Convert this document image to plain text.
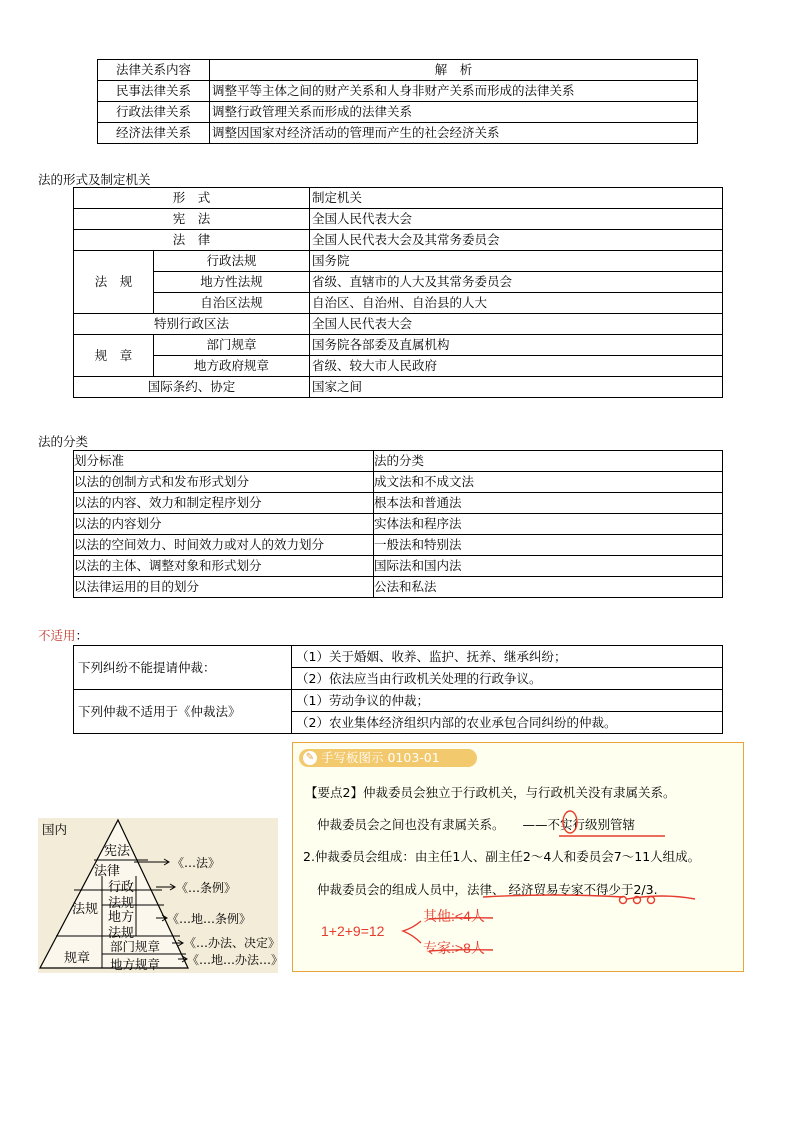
法律关系内容	解　析
民事法律关系	调整平等主体之间的财产关系和人身非财产关系而形成的法律关系
行政法律关系	调整行政管理关系而形成的法律关系
经济法律关系	调整因国家对经济活动的管理而产生的社会经济关系
法的形式及制定机关
形　式		制定机关
宪　法		全国人民代表大会
法　律		全国人民代表大会及其常务委员会
法　规	行政法规	国务院
	地方性法规	省级、直辖市的人大及其常务委员会
	自治区法规	自治区、自治州、自治县的人大
特别行政区法		全国人民代表大会
规　章	部门规章	国务院各部委及直属机构
	地方政府规章	省级、较大市人民政府
国际条约、协定		国家之间
法的分类
划分标准	法的分类
以法的创制方式和发布形式划分	成文法和不成文法
以法的内容、效力和制定程序划分	根本法和普通法
以法的内容划分	实体法和程序法
以法的空间效力、时间效力或对人的效力划分	一般法和特别法
以法的主体、调整对象和形式划分	国际法和国内法
以法律运用的目的划分	公法和私法
不适用：
下列纠纷不能提请仲裁：	（1）关于婚姻、收养、监护、抚养、继承纠纷；
	（2）依法应当由行政机关处理的行政争议。
下列仲裁不适用于《仲裁法》	（1）劳动争议的仲裁；
	（2）农业集体经济组织内部的农业承包合同纠纷的仲裁。
国内
宪法
法律
法规
行政
法规
地方
法规
规章
部门规章
地方规章
《…法》
《…条例》
《…地…条例》
《…办法、决定》
《…地…办法…》
✎ 手写板图示 0103-01
【要点2】仲裁委员会独立于行政机关，与行政机关没有隶属关系。
仲裁委员会之间也没有隶属关系。 ——不实行级别管辖
2.仲裁委员会组成：由主任1人、副主任2～4人和委员会7～11人组成。
仲裁委员会的组成人员中，法律、 经济贸易专家不得少于2/3.
1+2+9=12
其他:<4人
专家:>8人
